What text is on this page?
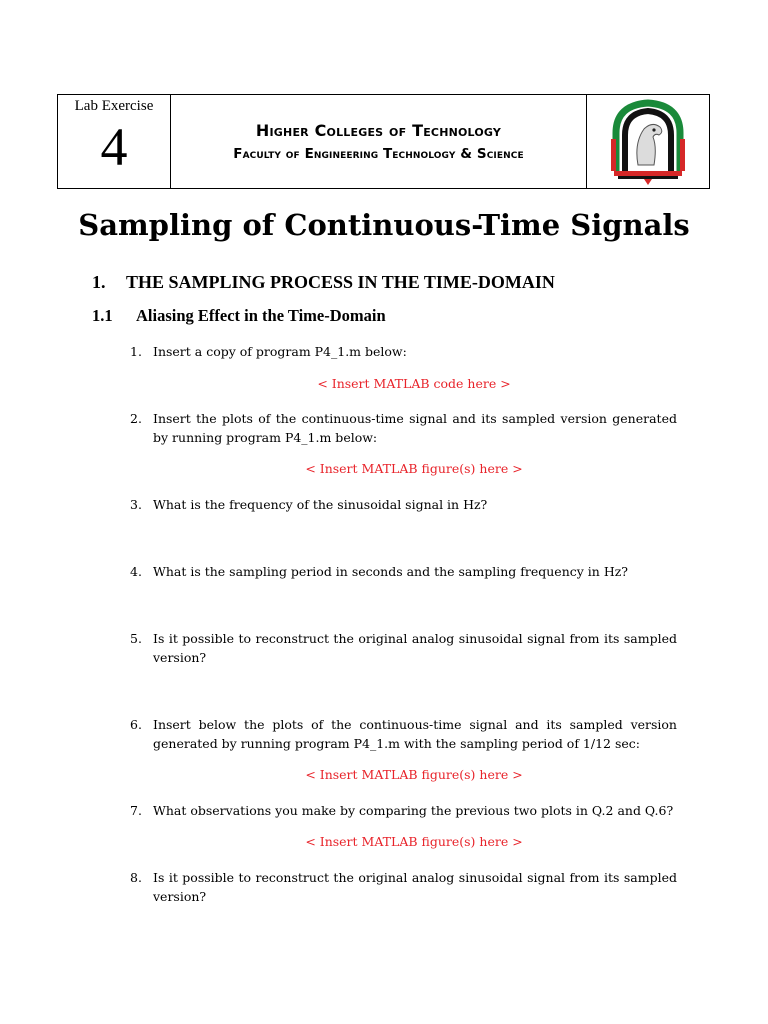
Lab Exercise
4	Higher Colleges of Technology
Faculty of Engineering Technology & Science
Sampling of Continuous-Time Signals
1. THE SAMPLING PROCESS IN THE TIME-DOMAIN
1.1 Aliasing Effect in the Time-Domain
1. Insert a copy of program P4_1.m below:
< Insert MATLAB code here >
2. Insert the plots of the continuous-time signal and its sampled version generated by running program P4_1.m below:
< Insert MATLAB figure(s) here >
3. What is the frequency of the sinusoidal signal in Hz?
4. What is the sampling period in seconds and the sampling frequency in Hz?
5. Is it possible to reconstruct the original analog sinusoidal signal from its sampled version?
6. Insert below the plots of the continuous-time signal and its sampled version generated by running program P4_1.m with the sampling period of 1/12 sec:
< Insert MATLAB figure(s) here >
7. What observations you make by comparing the previous two plots in Q.2 and Q.6?
< Insert MATLAB figure(s) here >
8. Is it possible to reconstruct the original analog sinusoidal signal from its sampled version?
